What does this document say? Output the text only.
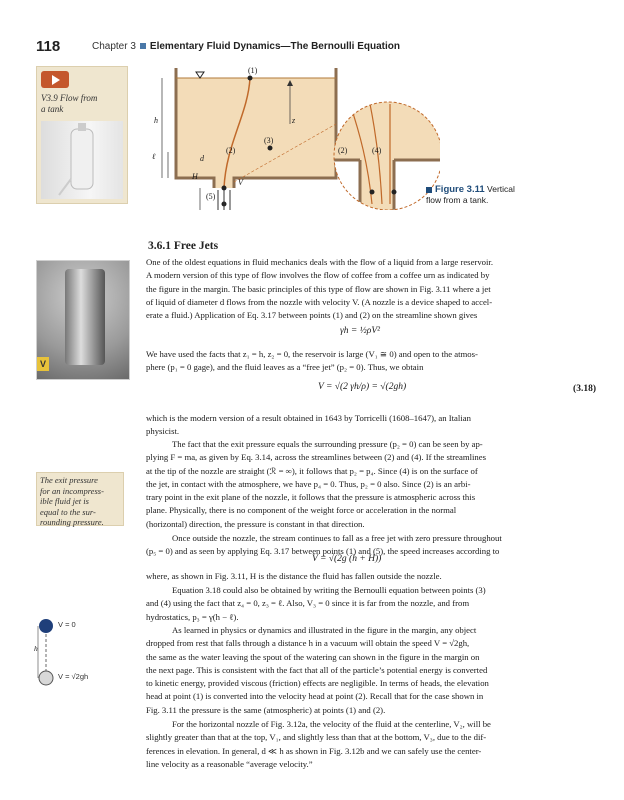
118	Chapter 3 Elementary Fluid Dynamics—The Bernoulli Equation
V3.9 Flow from
a tank
(1)
h	z
(3)
(2)
ℓ	d
H
V
(5)
(2)	(4)
Figure 3.11 Vertical
flow from a tank.
3.6.1 Free Jets
V
One of the oldest equations in fluid mechanics deals with the flow of a liquid from a large reservoir.
A modern version of this type of flow involves the flow of coffee from a coffee urn as indicated by
the figure in the margin. The basic principles of this type of flow are shown in Fig. 3.11 where a jet
of liquid of diameter d flows from the nozzle with velocity V. (A nozzle is a device shaped to accel-
erate a fluid.) Application of Eq. 3.17 between points (1) and (2) on the streamline shown gives
γh = ½ρV²
We have used the facts that z₁ = h, z₂ = 0, the reservoir is large (V₁ ≅ 0) and open to the atmos-
phere (p₁ = 0 gage), and the fluid leaves as a “free jet” (p₂ = 0). Thus, we obtain
V = √(2 γh/ρ) = √(2gh)	(3.18)
which is the modern version of a result obtained in 1643 by Torricelli (1608–1647), an Italian
physicist.
The exit pressure
for an incompress-
ible fluid jet is
equal to the sur-
rounding pressure.
The fact that the exit pressure equals the surrounding pressure (p₂ = 0) can be seen by ap-
plying F = ma, as given by Eq. 3.14, across the streamlines between (2) and (4). If the streamlines
at the tip of the nozzle are straight (ℛ = ∞), it follows that p₂ = p₄. Since (4) is on the surface of
the jet, in contact with the atmosphere, we have p₄ = 0. Thus, p₂ = 0 also. Since (2) is an arbi-
trary point in the exit plane of the nozzle, it follows that the pressure is atmospheric across this
plane. Physically, there is no component of the weight force or acceleration in the normal
(horizontal) direction, the pressure is constant in that direction.
Once outside the nozzle, the stream continues to fall as a free jet with zero pressure throughout
(p₅ = 0) and as seen by applying Eq. 3.17 between points (1) and (5), the speed increases according to
V = √(2g (h + H))
where, as shown in Fig. 3.11, H is the distance the fluid has fallen outside the nozzle.
Equation 3.18 could also be obtained by writing the Bernoulli equation between points (3)
and (4) using the fact that z₄ = 0, z₃ = ℓ. Also, V₃ = 0 since it is far from the nozzle, and from
hydrostatics, p₃ = γ(h − ℓ).
As learned in physics or dynamics and illustrated in the figure in the margin, any object
dropped from rest that falls through a distance h in a vacuum will obtain the speed V = √2gh,
the same as the water leaving the spout of the watering can shown in the figure in the margin on
the next page. This is consistent with the fact that all of the particle’s potential energy is converted
to kinetic energy, provided viscous (friction) effects are negligible. In terms of heads, the elevation
head at point (1) is converted into the velocity head at point (2). Recall that for the case shown in
Fig. 3.11 the pressure is the same (atmospheric) at points (1) and (2).
For the horizontal nozzle of Fig. 3.12a, the velocity of the fluid at the centerline, V₂, will be
slightly greater than that at the top, V₁, and slightly less than that at the bottom, V₃, due to the dif-
ferences in elevation. In general, d ≪ h as shown in Fig. 3.12b and we can safely use the center-
line velocity as a reasonable “average velocity.”
V = 0
h
V = √2gh
